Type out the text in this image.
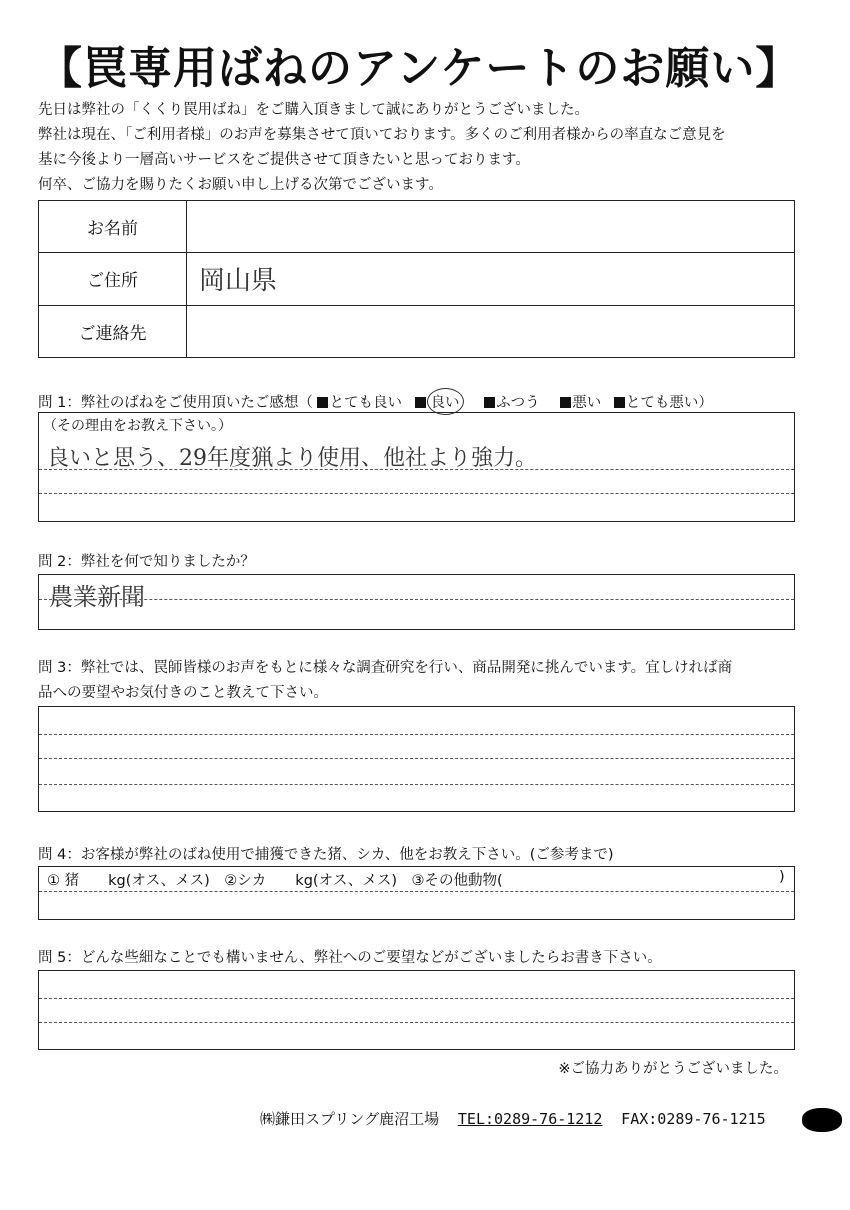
【罠専用ばねのアンケートのお願い】
先日は弊社の「くくり罠用ばね」をご購入頂きまして誠にありがとうございました。
弊社は現在、「ご利用者様」のお声を募集させて頂いております。多くのご利用者様からの率直なご意見を
基に今後より一層高いサービスをご提供させて頂きたいと思っております。
何卒、ご協力を賜りたくお願い申し上げる次第でございます。
お名前	
ご住所	岡山県
ご連絡先	
問 1：弊社のばねをご使用頂いたご感想（ とても良い 良い	ふつう 悪い とても悪い）
（その理由をお教え下さい。）
良いと思う、29年度猟より使用、他社より強力。
問 2：弊社を何で知りましたか？
農業新聞
問 3：弊社では、罠師皆様のお声をもとに様々な調査研究を行い、商品開発に挑んでいます。宜しければ商
品への要望やお気付きのこと教えて下さい。
問 4：お客様が弊社のばね使用で捕獲できた猪、シカ、他をお教え下さい。(ご参考まで)
① 猪　　kg(オス、メス)　②シカ　　kg(オス、メス)　③その他動物(	)
問 5：どんな些細なことでも構いません、弊社へのご要望などがございましたらお書き下さい。
※ご協力ありがとうございました。
㈱鎌田スプリング鹿沼工場 TEL:0289-76-1212 FAX:0289-76-1215
